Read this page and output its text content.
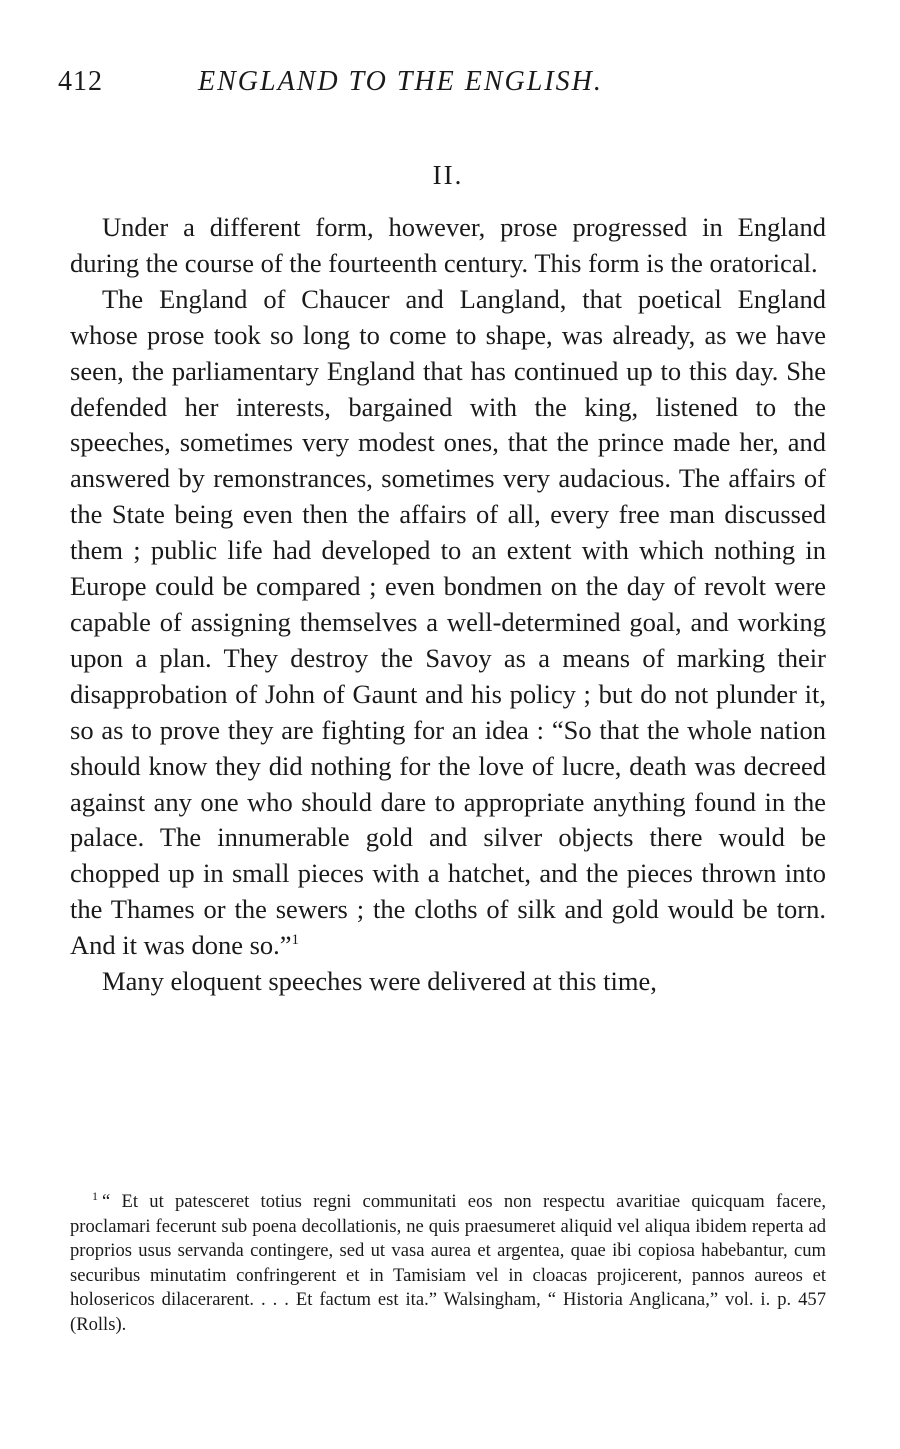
412	ENGLAND TO THE ENGLISH.
II.

Under a different form, however, prose progressed in England during the course of the fourteenth century. This form is the oratorical.

The England of Chaucer and Langland, that poetical England whose prose took so long to come to shape, was already, as we have seen, the parliamentary England that has continued up to this day. She defended her interests, bargained with the king, listened to the speeches, sometimes very modest ones, that the prince made her, and answered by remonstrances, sometimes very audacious. The affairs of the State being even then the affairs of all, every free man discussed them ; public life had developed to an extent with which nothing in Europe could be compared ; even bondmen on the day of revolt were capable of assigning themselves a well-determined goal, and working upon a plan. They destroy the Savoy as a means of marking their disapprobation of John of Gaunt and his policy ; but do not plunder it, so as to prove they are fighting for an idea : “So that the whole nation should know they did nothing for the love of lucre, death was decreed against any one who should dare to appropriate anything found in the palace. The innumerable gold and silver objects there would be chopped up in small pieces with a hatchet, and the pieces thrown into the Thames or the sewers ; the cloths of silk and gold would be torn. And it was done so.”$^1$

Many eloquent speeches were delivered at this time,

$^1$ “ Et ut patesceret totius regni communitati eos non respectu avaritiae quicquam facere, proclamari fecerunt sub poena decollationis, ne quis praesumeret aliquid vel aliqua ibidem reperta ad proprios usus servanda contingere, sed ut vasa aurea et argentea, quae ibi copiosa habebantur, cum securibus minutatim confringerent et in Tamisiam vel in cloacas projicerent, pannos aureos et holosericos dilacerarent. . . . Et factum est ita.” Walsingham, “ Historia Anglicana,” vol. i. p. 457 (Rolls).
